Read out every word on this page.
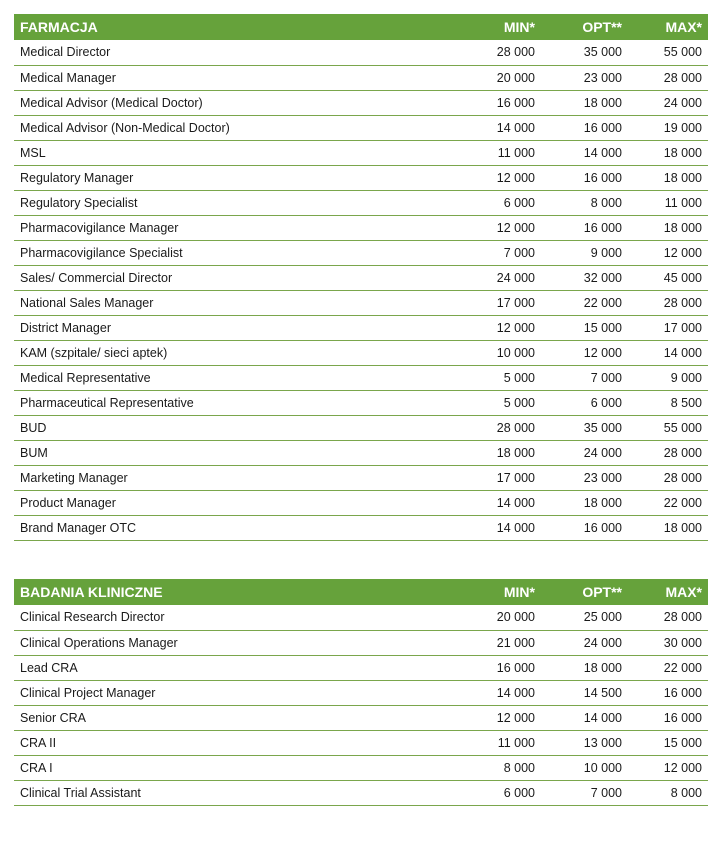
FARMACJA	MIN*	OPT**	MAX*
Medical Director	28 000	35 000	55 000
Medical Manager	20 000	23 000	28 000
Medical Advisor (Medical Doctor)	16 000	18 000	24 000
Medical Advisor (Non-Medical Doctor)	14 000	16 000	19 000
MSL	11 000	14 000	18 000
Regulatory Manager	12 000	16 000	18 000
Regulatory Specialist	6 000	8 000	11 000
Pharmacovigilance Manager	12 000	16 000	18 000
Pharmacovigilance Specialist	7 000	9 000	12 000
Sales/ Commercial Director	24 000	32 000	45 000
National Sales Manager	17 000	22 000	28 000
District Manager	12 000	15 000	17 000
KAM (szpitale/ sieci aptek)	10 000	12 000	14 000
Medical Representative	5 000	7 000	9 000
Pharmaceutical Representative	5 000	6 000	8 500
BUD	28 000	35 000	55 000
BUM	18 000	24 000	28 000
Marketing Manager	17 000	23 000	28 000
Product Manager	14 000	18 000	22 000
Brand Manager OTC	14 000	16 000	18 000
BADANIA KLINICZNE	MIN*	OPT**	MAX*
Clinical Research Director	20 000	25 000	28 000
Clinical Operations Manager	21 000	24 000	30 000
Lead CRA	16 000	18 000	22 000
Clinical Project Manager	14 000	14 500	16 000
Senior CRA	12 000	14 000	16 000
CRA II	11 000	13 000	15 000
CRA I	8 000	10 000	12 000
Clinical Trial Assistant	6 000	7 000	8 000
